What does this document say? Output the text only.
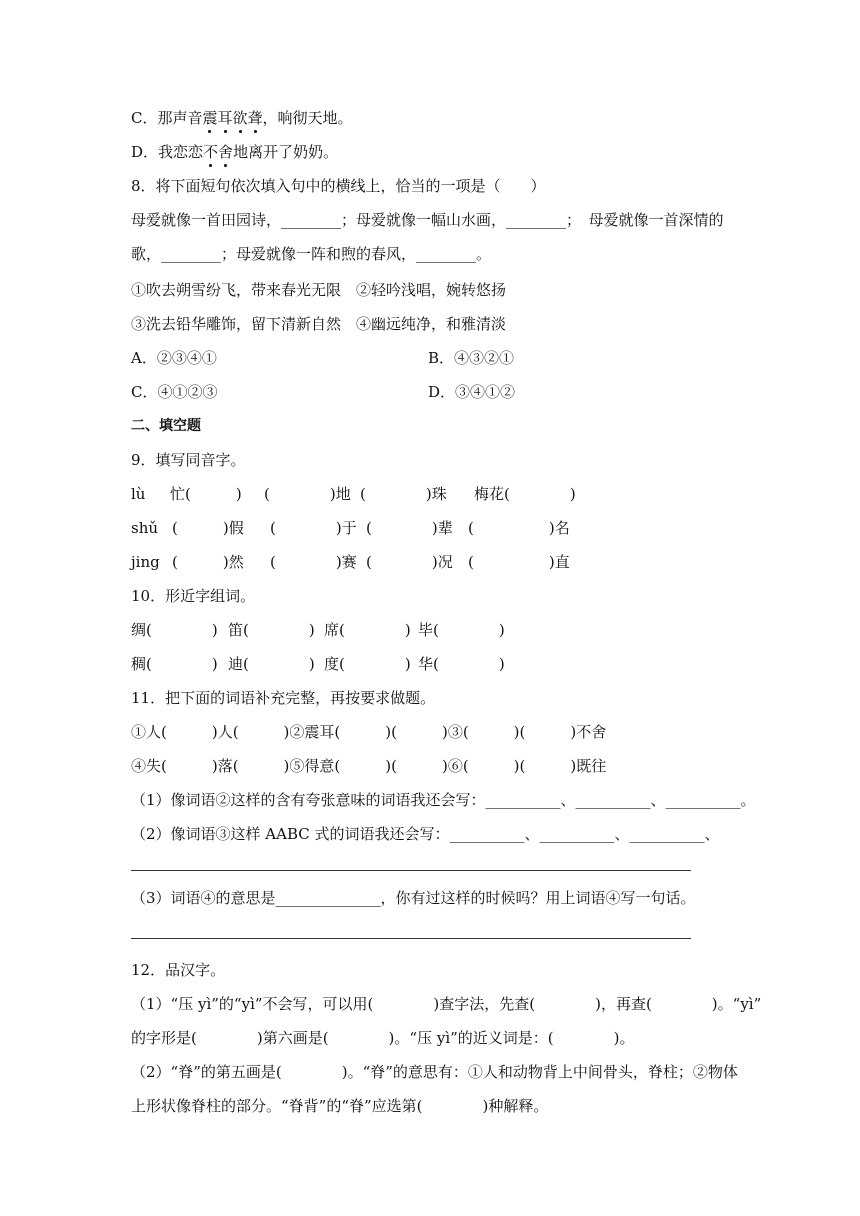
C．那声音震耳欲聋，响彻天地。
D．我恋恋不舍地离开了奶奶。
8．将下面短句依次填入句中的横线上，恰当的一项是（　　）
母爱就像一首田园诗，________；母爱就像一幅山水画，________；　母爱就像一首深情的
歌，________；母爱就像一阵和煦的春风，________。
①吹去朔雪纷飞，带来春光无限　②轻吟浅唱，婉转悠扬
③洗去铅华雕饰，留下清新自然　④幽远纯净，和雅清淡
A．②③④①	B．④③②①
C．④①②③	D．③④①②
二、填空题
9．填写同音字。
lù 忙(　　　) (　　　　)地 (　　　　)珠 梅花(　　　　)
shǔ (　　　)假 (　　　　)于 (　　　　)辈 (　　　　　)名
jing (　　　)然 (　　　　)赛 (　　　　)况 (　　　　　)直
10．形近字组词。
绸(　　　　) 笛(　　　　) 席(　　　　) 毕(　　　　)
稠(　　　　) 迪(　　　　) 度(　　　　) 华(　　　　)
11．把下面的词语补充完整，再按要求做题。
①人(　　　)人(　　　)②震耳(　　　)(　　　)③(　　　)(　　　)不舍
④失(　　　)落(　　　)⑤得意(　　　)(　　　)⑥(　　　)(　　　)既往
（1）像词语②这样的含有夸张意味的词语我还会写：__________、__________、__________。
（2）像词语③这样 AABC 式的词语我还会写：__________、__________、__________、
（3）词语④的意思是______________，你有过这样的时候吗？用上词语④写一句话。
12．品汉字。
（1）“压 yì”的“yì”不会写，可以用(　　　　)查字法，先查(　　　　)，再查(　　　　)。“yì”
的字形是(　　　　)第六画是(　　　　)。“压 yì”的近义词是：(　　　　)。
（2）“脊”的第五画是(　　　　)。“脊”的意思有：①人和动物背上中间骨头，脊柱；②物体
上形状像脊柱的部分。“脊背”的“脊”应选第(　　　　)种解释。
